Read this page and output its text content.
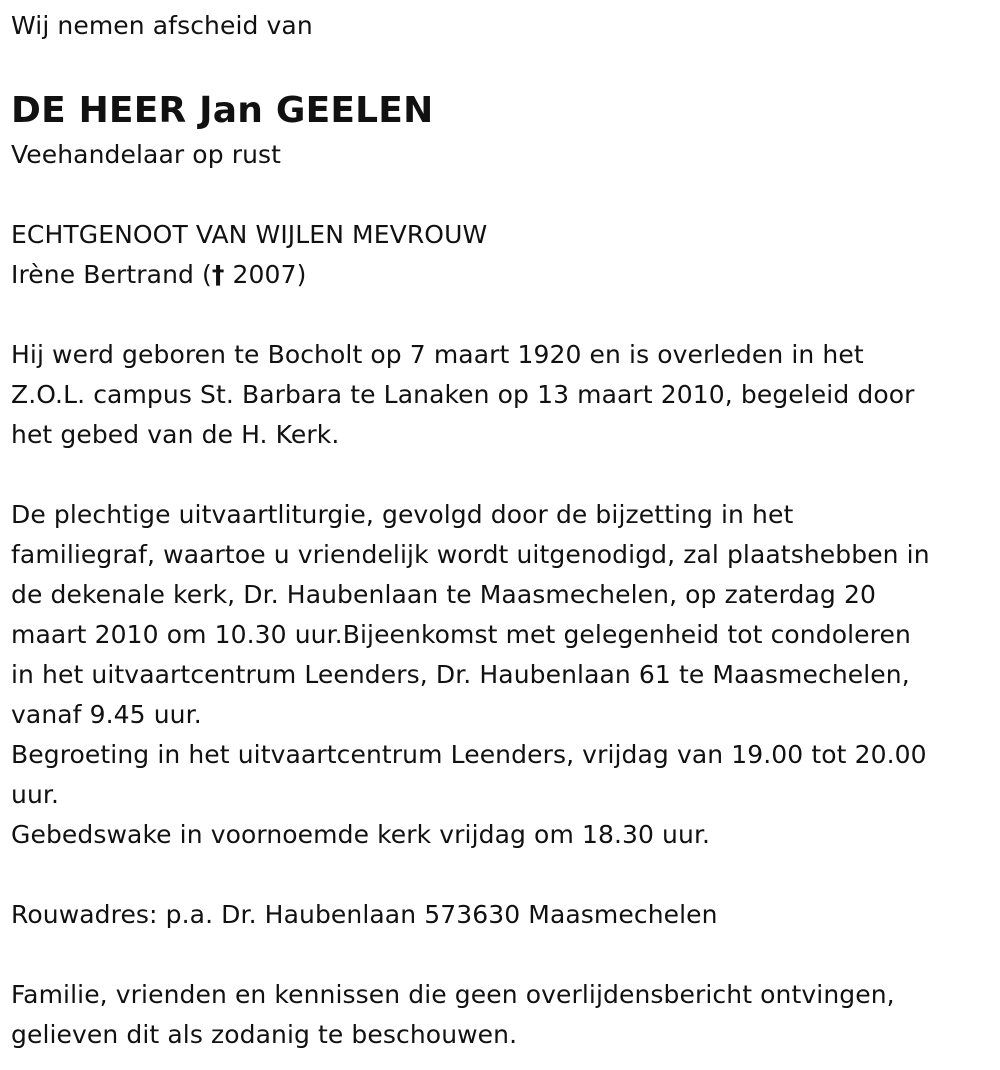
Wij nemen afscheid van
DE HEER Jan GEELEN
Veehandelaar op rust
ECHTGENOOT VAN WIJLEN MEVROUW
Irène Bertrand († 2007)
Hij werd geboren te Bocholt op 7 maart 1920 en is overleden in het
Z.O.L. campus St. Barbara te Lanaken op 13 maart 2010, begeleid door
het gebed van de H. Kerk.
De plechtige uitvaartliturgie, gevolgd door de bijzetting in het
familiegraf, waartoe u vriendelijk wordt uitgenodigd, zal plaatshebben in
de dekenale kerk, Dr. Haubenlaan te Maasmechelen, op zaterdag 20
maart 2010 om 10.30 uur.Bijeenkomst met gelegenheid tot condoleren
in het uitvaartcentrum Leenders, Dr. Haubenlaan 61 te Maasmechelen,
vanaf 9.45 uur.
Begroeting in het uitvaartcentrum Leenders, vrijdag van 19.00 tot 20.00
uur.
Gebedswake in voornoemde kerk vrijdag om 18.30 uur.
Rouwadres: p.a. Dr. Haubenlaan 573630 Maasmechelen
Familie, vrienden en kennissen die geen overlijdensbericht ontvingen,
gelieven dit als zodanig te beschouwen.
